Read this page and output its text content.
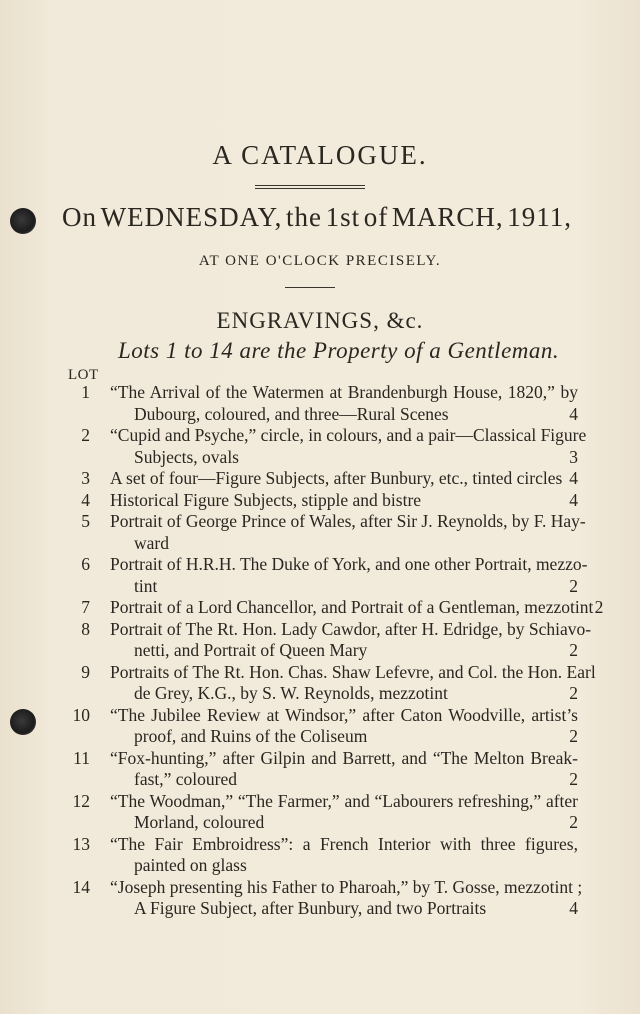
A CATALOGUE.
On WEDNESDAY, the 1st of MARCH, 1911,
AT ONE O'CLOCK PRECISELY.
ENGRAVINGS, &c.
Lots 1 to 14 are the Property of a Gentleman.
LOT
1 “The Arrival of the Watermen at Brandenburgh House, 1820,” by
Dubourg, coloured, and three—Rural Scenes	4
2 “Cupid and Psyche,” circle, in colours, and a pair—Classical Figure
Subjects, ovals	3
3 A set of four—Figure Subjects, after Bunbury, etc., tinted circles 4
4 Historical Figure Subjects, stipple and bistre	4
5 Portrait of George Prince of Wales, after Sir J. Reynolds, by F. Hay-
ward
6 Portrait of H.R.H. The Duke of York, and one other Portrait, mezzo-
tint	2
7 Portrait of a Lord Chancellor, and Portrait of a Gentleman, mezzotint 2
8 Portrait of The Rt. Hon. Lady Cawdor, after H. Edridge, by Schiavo-
netti, and Portrait of Queen Mary	2
9 Portraits of The Rt. Hon. Chas. Shaw Lefevre, and Col. the Hon. Earl
de Grey, K.G., by S. W. Reynolds, mezzotint	2
10 “The Jubilee Review at Windsor,” after Caton Woodville, artist’s
proof, and Ruins of the Coliseum	2
11 “Fox-hunting,” after Gilpin and Barrett, and “The Melton Break-
fast,” coloured	2
12 “The Woodman,” “The Farmer,” and “Labourers refreshing,” after
Morland, coloured	2
13 “The Fair Embroidress”: a French Interior with three figures,
painted on glass
14 “Joseph presenting his Father to Pharoah,” by T. Gosse, mezzotint ;
A Figure Subject, after Bunbury, and two Portraits	4
